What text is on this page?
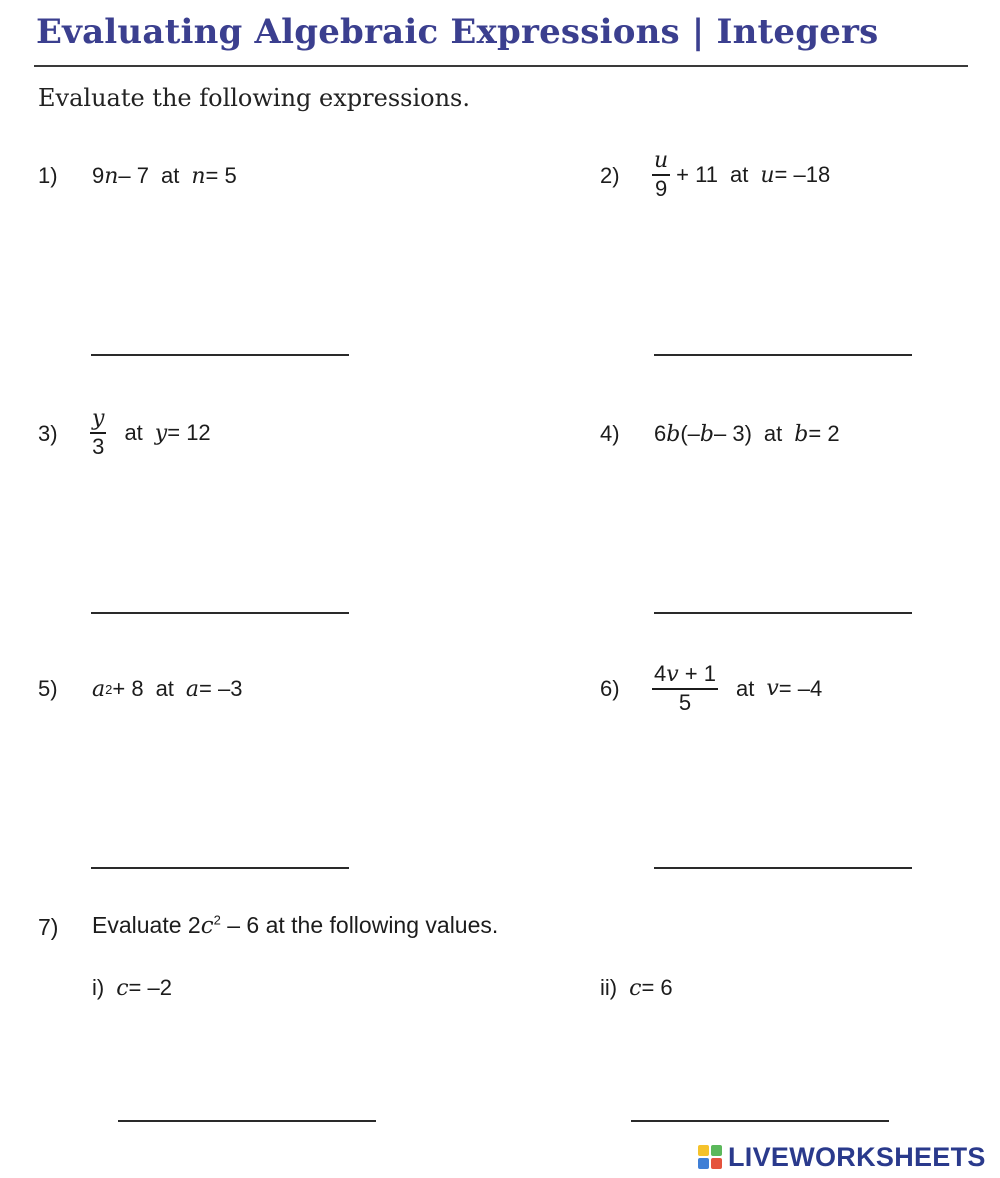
Evaluating Algebraic Expressions | Integers
Evaluate the following expressions.
1) 9 n – 7 at n = 5	$2) \frac{u}{9} + 11$ at u = –18
$3) \frac{y}{3}$ at y = 12	4) 6 b (– b – 3) at b = 2
5) a 2 + 8 at a = –3	$6) \frac{4v + 1}{5}$ at v = –4
7) Evaluate $2c^2 - 6$ at the following values.
i) c = –2	ii) c = 6
LIVEWORKSHEETS
